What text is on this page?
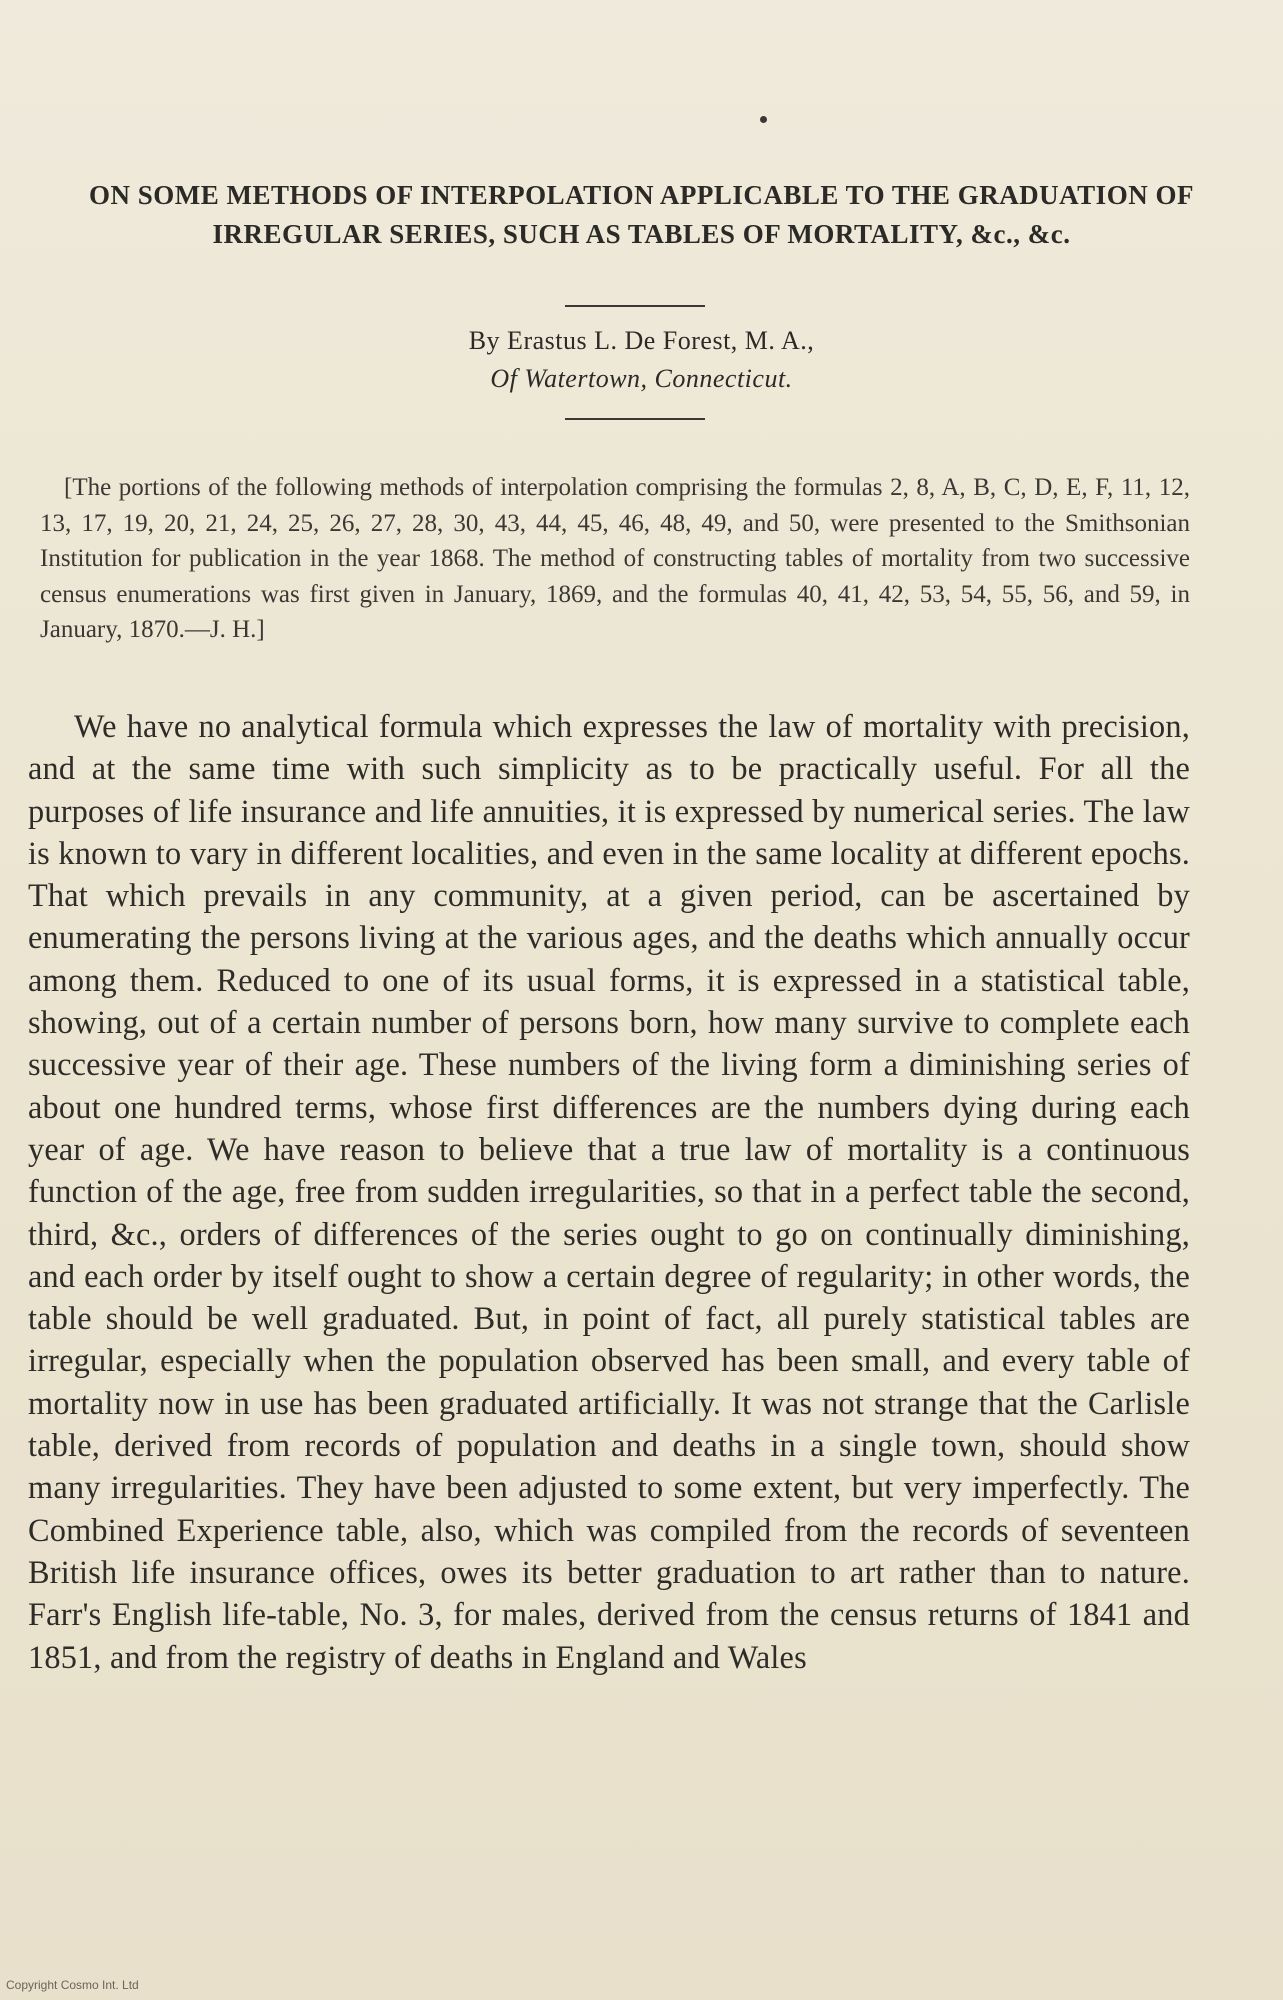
ON SOME METHODS OF INTERPOLATION APPLICABLE TO THE GRADUATION OF IRREGULAR SERIES, SUCH AS TABLES OF MORTALITY, &c., &c.

By Erastus L. De Forest, M. A.,

Of Watertown, Connecticut.

[The portions of the following methods of interpolation comprising the formulas 2, 8, A, B, C, D, E, F, 11, 12, 13, 17, 19, 20, 21, 24, 25, 26, 27, 28, 30, 43, 44, 45, 46, 48, 49, and 50, were presented to the Smithsonian Institution for publication in the year 1868. The method of constructing tables of mortality from two successive census enumerations was first given in January, 1869, and the formulas 40, 41, 42, 53, 54, 55, 56, and 59, in January, 1870.—J. H.]

We have no analytical formula which expresses the law of mortality with precision, and at the same time with such simplicity as to be practically useful. For all the purposes of life insurance and life annuities, it is expressed by numerical series. The law is known to vary in different localities, and even in the same locality at different epochs. That which prevails in any community, at a given period, can be ascertained by enumerating the persons living at the various ages, and the deaths which annually occur among them. Reduced to one of its usual forms, it is expressed in a statistical table, showing, out of a certain number of persons born, how many survive to complete each successive year of their age. These numbers of the living form a diminishing series of about one hundred terms, whose first differences are the numbers dying during each year of age. We have reason to believe that a true law of mortality is a continuous function of the age, free from sudden irregularities, so that in a perfect table the second, third, &c., orders of differences of the series ought to go on continually diminishing, and each order by itself ought to show a certain degree of regularity; in other words, the table should be well graduated. But, in point of fact, all purely statistical tables are irregular, especially when the population observed has been small, and every table of mortality now in use has been graduated artificially. It was not strange that the Carlisle table, derived from records of population and deaths in a single town, should show many irregularities. They have been adjusted to some extent, but very imperfectly. The Combined Experience table, also, which was compiled from the records of seventeen British life insurance offices, owes its better graduation to art rather than to nature. Farr's English life-table, No. 3, for males, derived from the census returns of 1841 and 1851, and from the registry of deaths in England and Wales

Copyright Cosmo Int. Ltd
